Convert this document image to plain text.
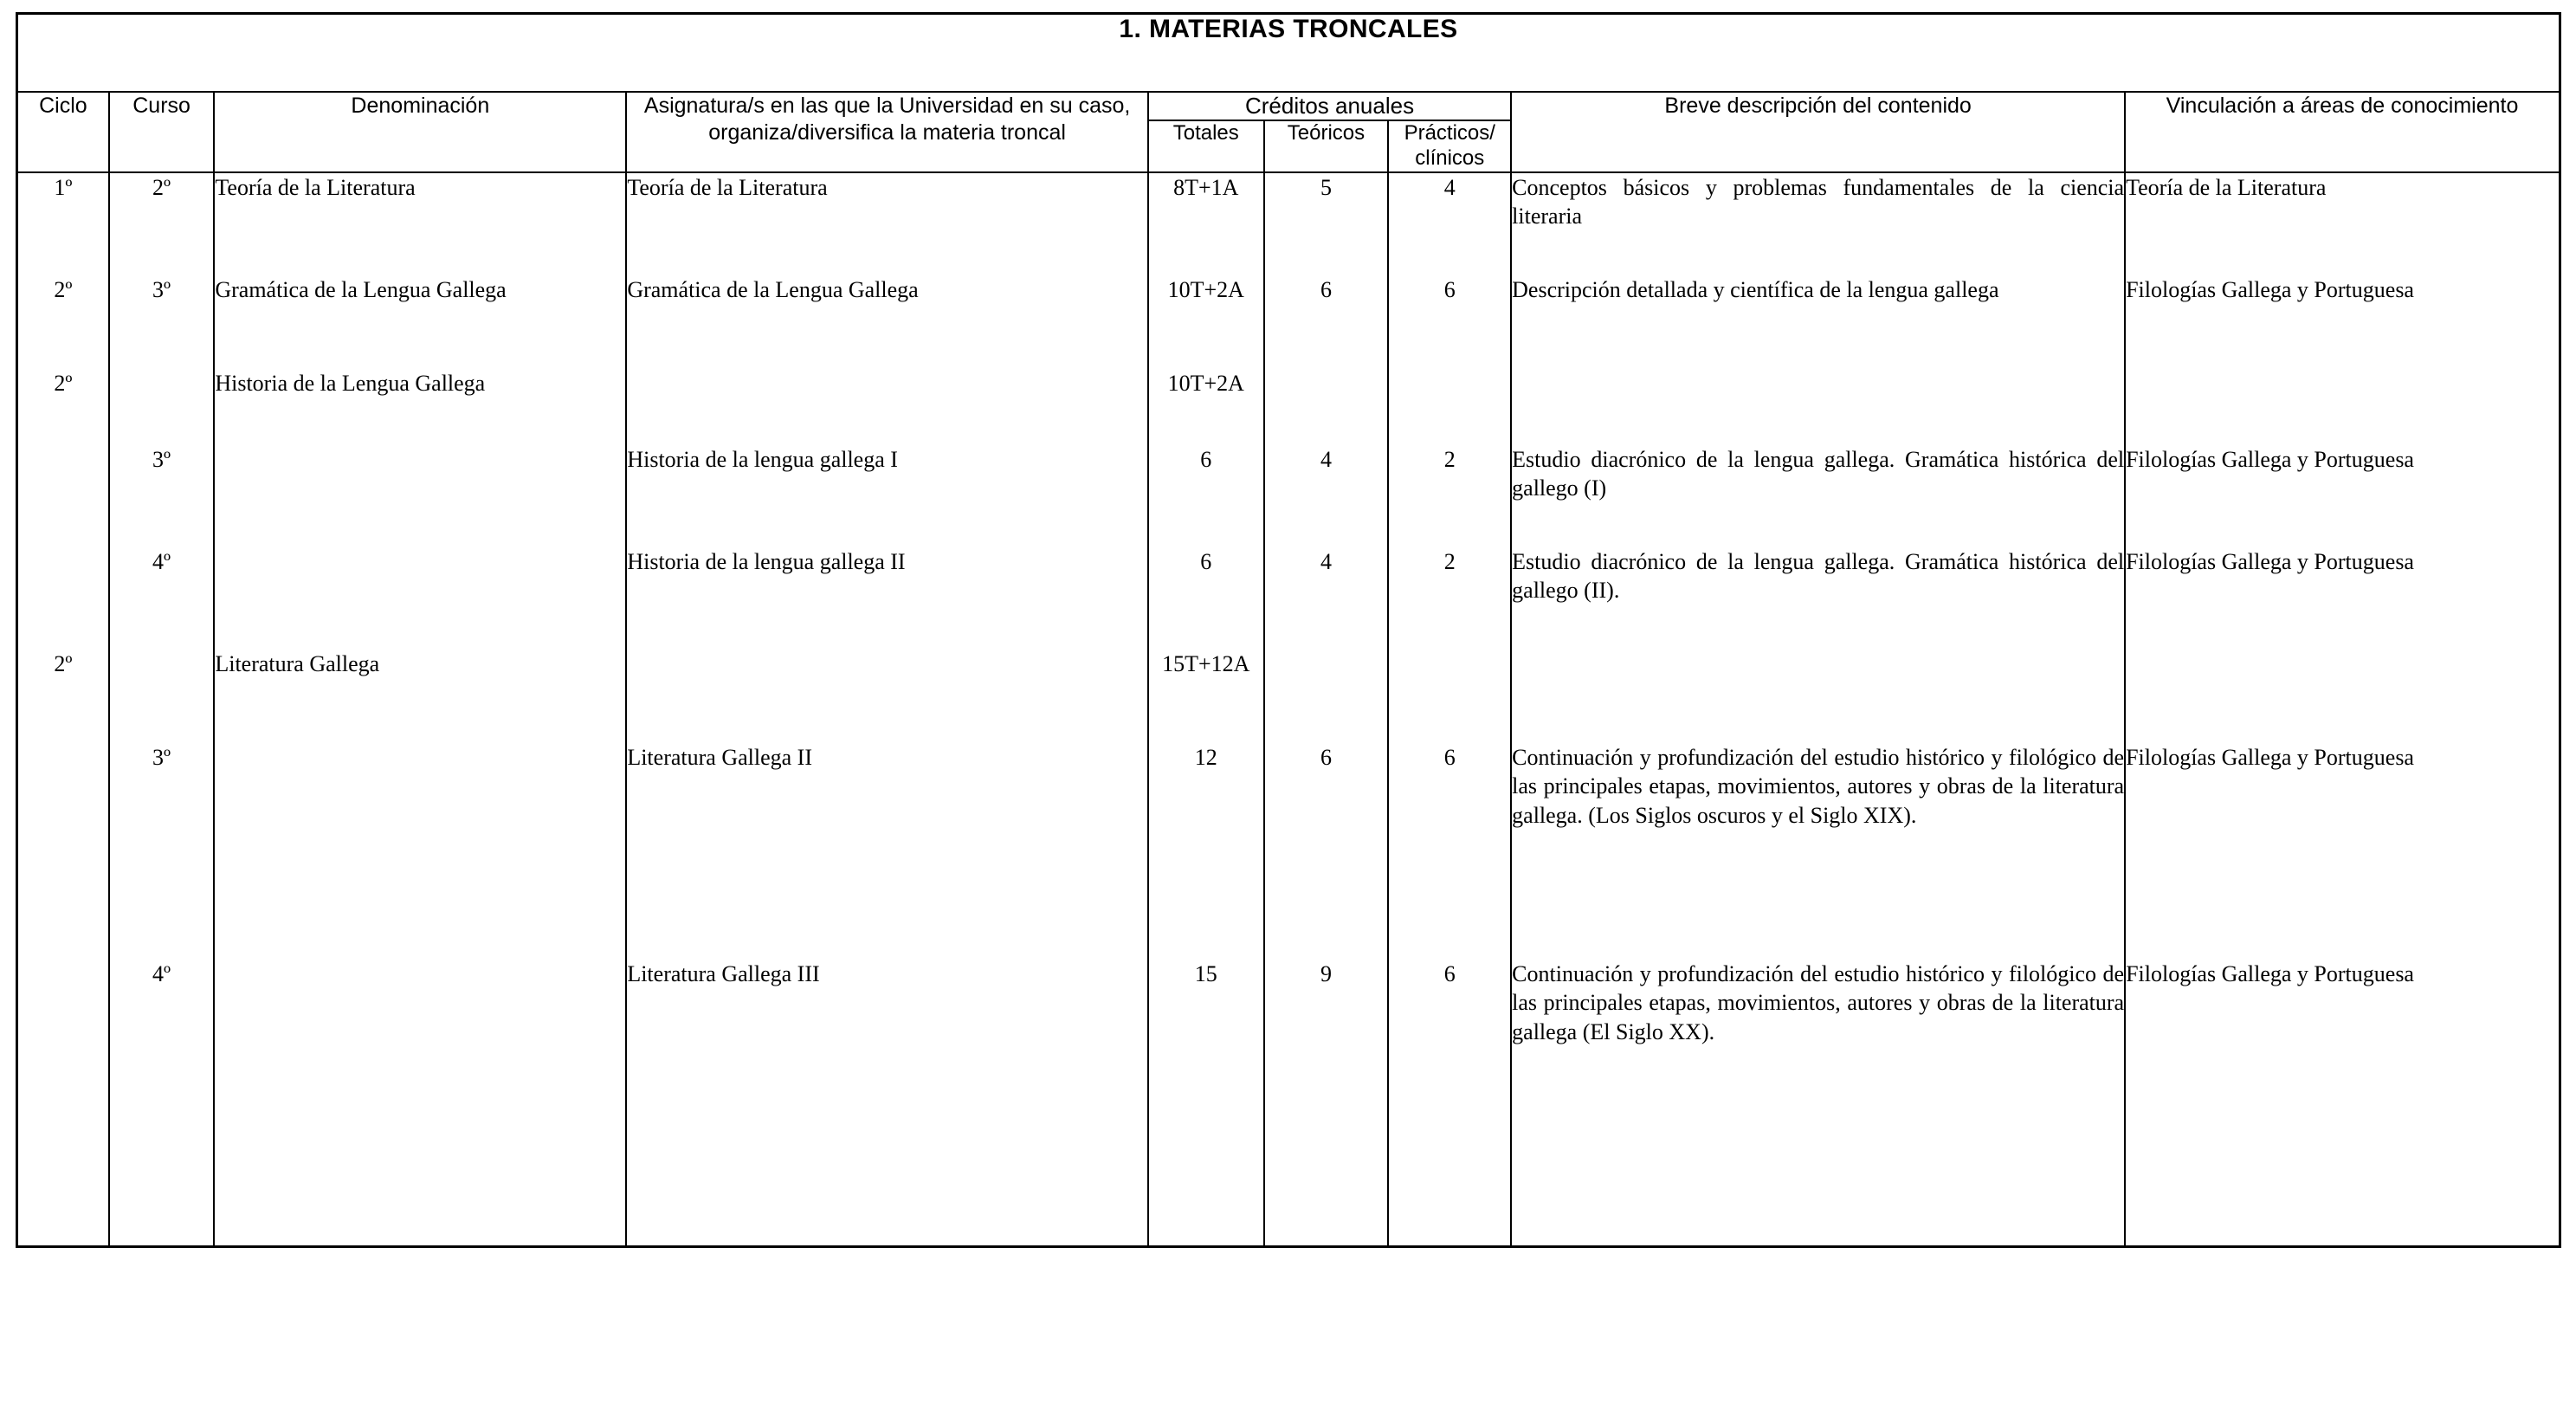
1. MATERIAS TRONCALES								
Ciclo	Curso	Denominación	Asignatura/s en las que la Universidad en su caso, organiza/diversifica la materia troncal	Créditos anuales			Breve descripción del contenido	Vinculación a áreas de conocimiento
				Totales	Teóricos	Prácticos/ clínicos		
1º	2º	Teoría de la Literatura	Teoría de la Literatura	8T+1A	5	4	Conceptos básicos y problemas fundamentales de la ciencia literaria	Teoría de la Literatura
2º	3º	Gramática de la Lengua Gallega	Gramática de la Lengua Gallega	10T+2A	6	6	Descripción detallada y científica de la lengua gallega	Filologías Gallega y Portuguesa
2º		Historia de la Lengua Gallega		10T+2A				
	3º		Historia de la lengua gallega I	6	4	2	Estudio diacrónico de la lengua gallega. Gramática histórica del gallego (I)	Filologías Gallega y Portuguesa
	4º		Historia de la lengua gallega II	6	4	2	Estudio diacrónico de la lengua gallega. Gramática histórica del gallego (II).	Filologías Gallega y Portuguesa
2º		Literatura Gallega		15T+12A				
	3º		Literatura Gallega II	12	6	6	Continuación y profundización del estudio histórico y filológico de las principales etapas, movimientos, autores y obras de la literatura gallega. (Los Siglos oscuros y el Siglo XIX).	Filologías Gallega y Portuguesa
	4º		Literatura Gallega III	15	9	6	Continuación y profundización del estudio histórico y filológico de las principales etapas, movimientos, autores y obras de la literatura gallega (El Siglo XX).	Filologías Gallega y Portuguesa
